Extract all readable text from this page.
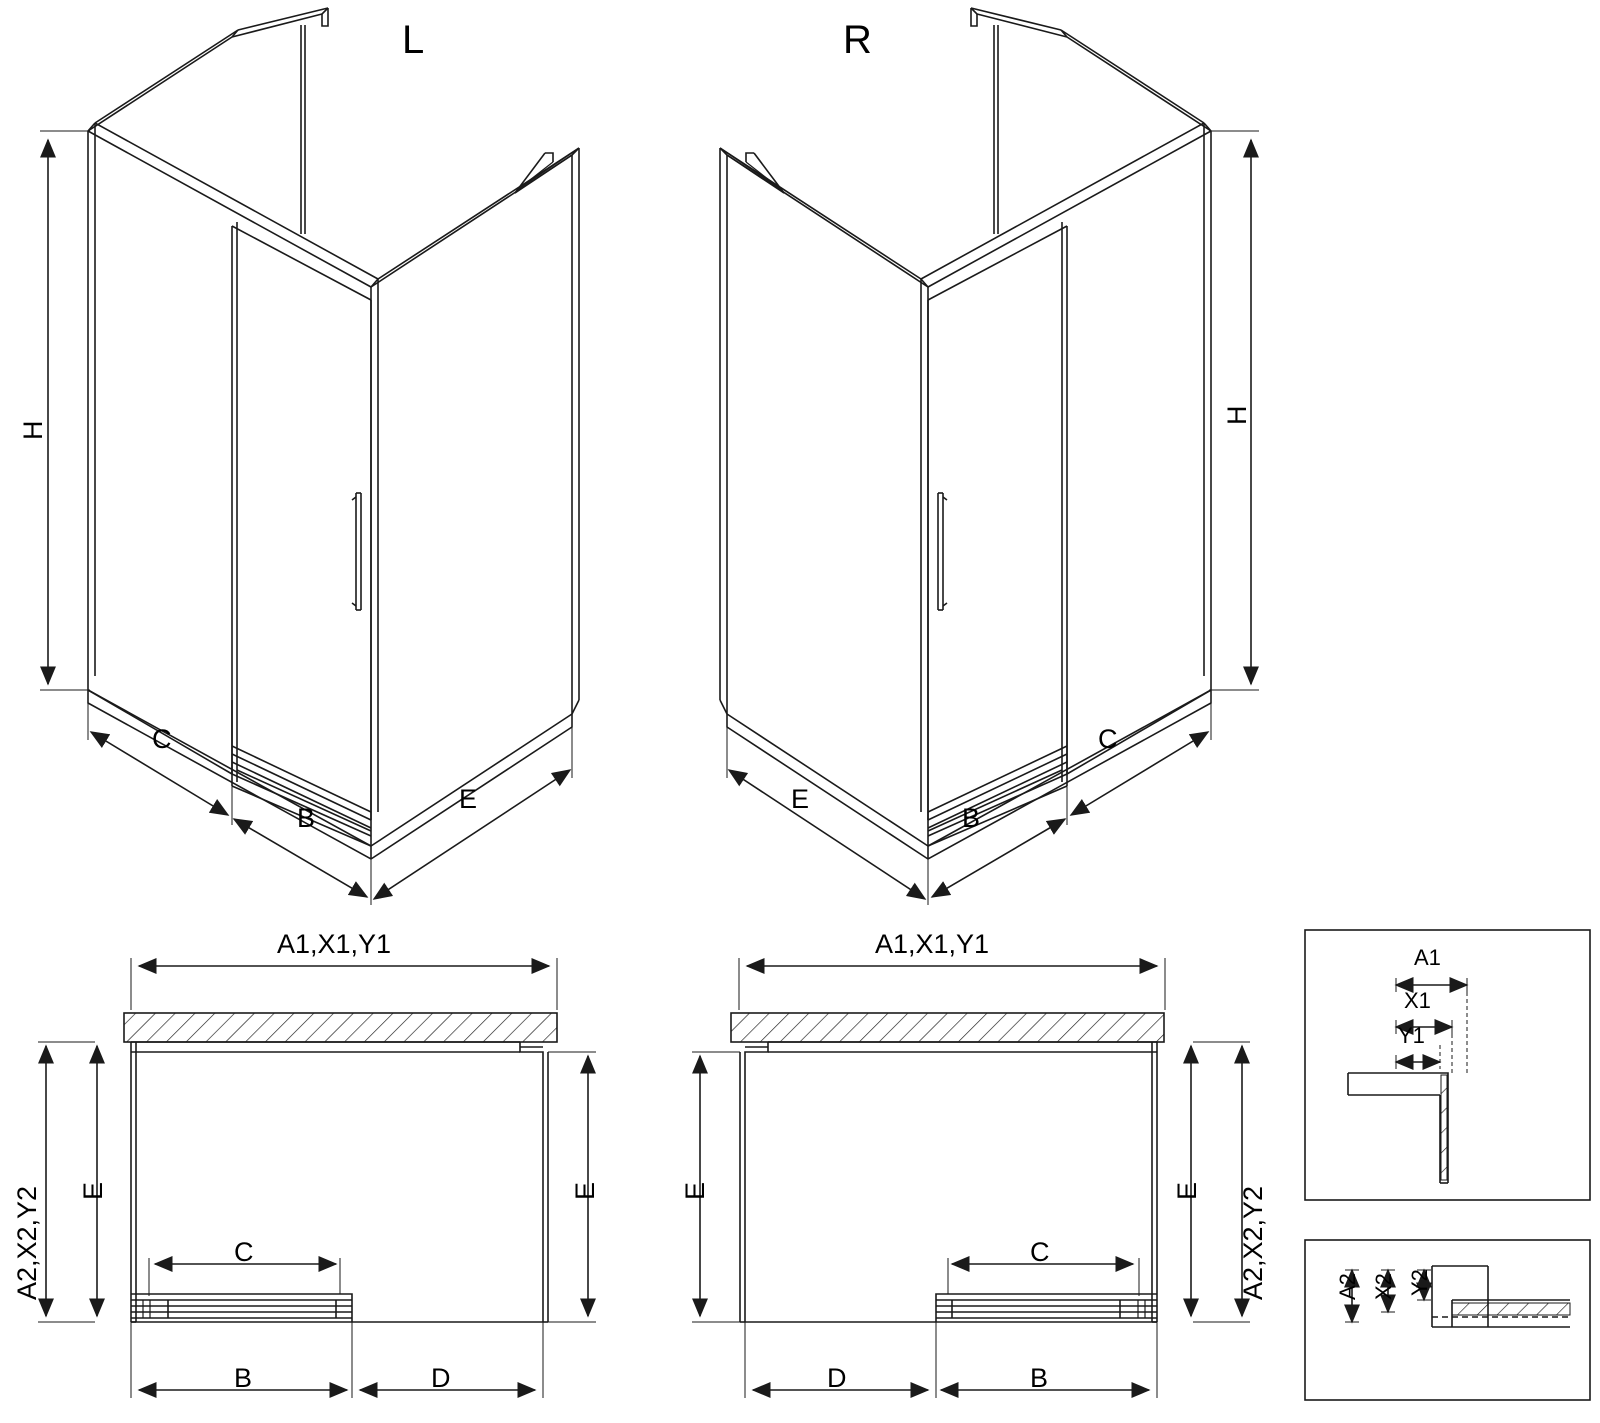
L	R
H
H
C
B
E
C
B
E
A1,X1,Y1	A1,X1,Y1
A2,X2,Y2	A2,X2,Y2
E	E	E	E
C	C
B	D	B
D
A1
X1
Y1
A2 X2 Y2
